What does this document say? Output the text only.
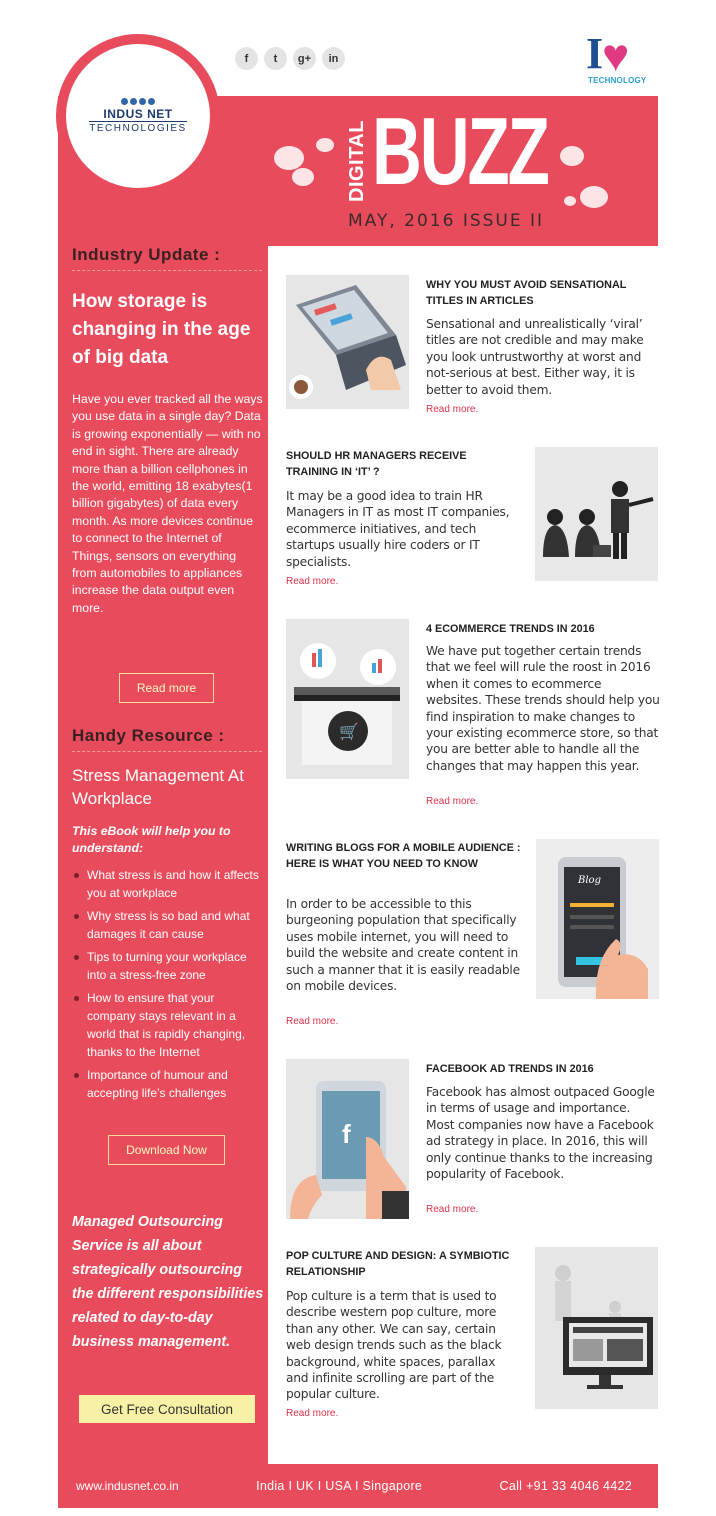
INDUS NET
TECHNOLOGIES
f	t	g+	in	I
♥
TECHNOLOGY
DIGITAL BUZZ
MAY, 2016 ISSUE II
Industry Update :
How storage is changing in the age of big data
Have you ever tracked all the ways you use data in a single day? Data is growing exponentially — with no end in sight. There are already more than a billion cellphones in the world, emitting 18 exabytes(1 billion gigabytes) of data every month. As more devices continue to connect to the Internet of Things, sensors on everything from automobiles to appliances increase the data output even more.
Read more
Handy Resource :
Stress Management At Workplace
This eBook will help you to understand:
What stress is and how it affects you at workplace
Why stress is so bad and what damages it can cause
Tips to turning your workplace into a stress-free zone
How to ensure that your company stays relevant in a world that is rapidly changing, thanks to the Internet
Importance of humour and accepting life’s challenges
Download Now
Managed Outsourcing Service is all about strategically outsourcing the different responsibilities related to day-to-day business management.
Get Free Consultation
WHY YOU MUST AVOID SENSATIONAL TITLES IN ARTICLES
Sensational and unrealistically ‘viral’ titles are not credible and may make you look untrustworthy at worst and not-serious at best. Either way, it is better to avoid them.
Read more.
SHOULD HR MANAGERS RECEIVE TRAINING IN ‘IT’ ?
It may be a good idea to train HR Managers in IT as most IT companies, ecommerce initiatives, and tech startups usually hire coders or IT specialists.
Read more.
🛒
4 ECOMMERCE TRENDS IN 2016
We have put together certain trends that we feel will rule the roost in 2016 when it comes to ecommerce websites. These trends should help you find inspiration to make changes to your existing ecommerce store, so that you are better able to handle all the changes that may happen this year.
Read more.
WRITING BLOGS FOR A MOBILE AUDIENCE : HERE IS WHAT YOU NEED TO KNOW
In order to be accessible to this burgeoning population that specifically uses mobile internet, you will need to build the website and create content in such a manner that it is easily readable on mobile devices.
Read more.
Blog
f
FACEBOOK AD TRENDS IN 2016
Facebook has almost outpaced Google in terms of usage and importance. Most companies now have a Facebook ad strategy in place. In 2016, this will only continue thanks to the increasing popularity of Facebook.
Read more.
POP CULTURE AND DESIGN: A SYMBIOTIC RELATIONSHIP
Pop culture is a term that is used to describe western pop culture, more than any other. We can say, certain web design trends such as the black background, white spaces, parallax and infinite scrolling are part of the popular culture.
Read more.
www.indusnet.co.in	India I UK I USA I Singapore	Call +91 33 4046 4422
